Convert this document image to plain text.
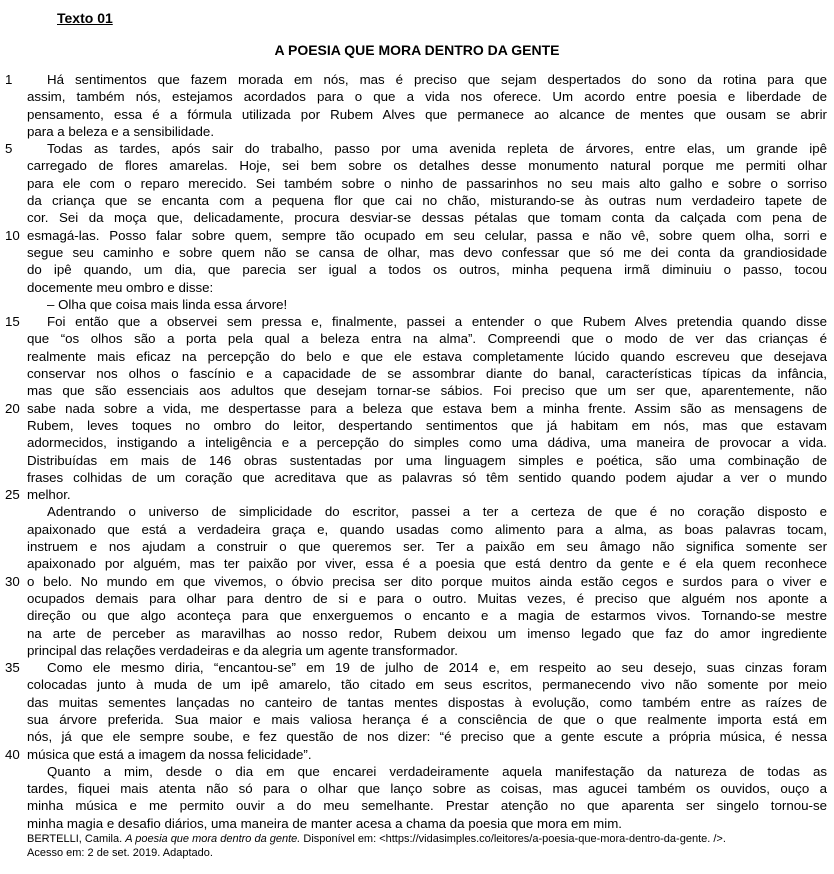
Texto 01
A POESIA QUE MORA DENTRO DA GENTE
1	Há sentimentos que fazem morada em nós, mas é preciso que sejam despertados do sono da rotina para que
assim, também nós, estejamos acordados para o que a vida nos oferece. Um acordo entre poesia e liberdade de
pensamento, essa é a fórmula utilizada por Rubem Alves que permanece ao alcance de mentes que ousam se abrir
para a beleza e a sensibilidade.
5	Todas as tardes, após sair do trabalho, passo por uma avenida repleta de árvores, entre elas, um grande ipê
carregado de flores amarelas. Hoje, sei bem sobre os detalhes desse monumento natural porque me permiti olhar
para ele com o reparo merecido. Sei também sobre o ninho de passarinhos no seu mais alto galho e sobre o sorriso
da criança que se encanta com a pequena flor que cai no chão, misturando-se às outras num verdadeiro tapete de
cor. Sei da moça que, delicadamente, procura desviar-se dessas pétalas que tomam conta da calçada com pena de
10 esmagá-las. Posso falar sobre quem, sempre tão ocupado em seu celular, passa e não vê, sobre quem olha, sorri e
segue seu caminho e sobre quem não se cansa de olhar, mas devo confessar que só me dei conta da grandiosidade
do ipê quando, um dia, que parecia ser igual a todos os outros, minha pequena irmã diminuiu o passo, tocou
docemente meu ombro e disse:
– Olha que coisa mais linda essa árvore!
15	Foi então que a observei sem pressa e, finalmente, passei a entender o que Rubem Alves pretendia quando disse
que “os olhos são a porta pela qual a beleza entra na alma”. Compreendi que o modo de ver das crianças é
realmente mais eficaz na percepção do belo e que ele estava completamente lúcido quando escreveu que desejava
conservar nos olhos o fascínio e a capacidade de se assombrar diante do banal, características típicas da infância,
mas que são essenciais aos adultos que desejam tornar-se sábios. Foi preciso que um ser que, aparentemente, não
20 sabe nada sobre a vida, me despertasse para a beleza que estava bem a minha frente. Assim são as mensagens de
Rubem, leves toques no ombro do leitor, despertando sentimentos que já habitam em nós, mas que estavam
adormecidos, instigando a inteligência e a percepção do simples como uma dádiva, uma maneira de provocar a vida.
Distribuídas em mais de 146 obras sustentadas por uma linguagem simples e poética, são uma combinação de
frases colhidas de um coração que acreditava que as palavras só têm sentido quando podem ajudar a ver o mundo
25 melhor.
Adentrando o universo de simplicidade do escritor, passei a ter a certeza de que é no coração disposto e
apaixonado que está a verdadeira graça e, quando usadas como alimento para a alma, as boas palavras tocam,
instruem e nos ajudam a construir o que queremos ser. Ter a paixão em seu âmago não significa somente ser
apaixonado por alguém, mas ter paixão por viver, essa é a poesia que está dentro da gente e é ela quem reconhece
30 o belo. No mundo em que vivemos, o óbvio precisa ser dito porque muitos ainda estão cegos e surdos para o viver e
ocupados demais para olhar para dentro de si e para o outro. Muitas vezes, é preciso que alguém nos aponte a
direção ou que algo aconteça para que enxerguemos o encanto e a magia de estarmos vivos. Tornando-se mestre
na arte de perceber as maravilhas ao nosso redor, Rubem deixou um imenso legado que faz do amor ingrediente
principal das relações verdadeiras e da alegria um agente transformador.
35	Como ele mesmo diria, “encantou-se” em 19 de julho de 2014 e, em respeito ao seu desejo, suas cinzas foram
colocadas junto à muda de um ipê amarelo, tão citado em seus escritos, permanecendo vivo não somente por meio
das muitas sementes lançadas no canteiro de tantas mentes dispostas à evolução, como também entre as raízes de
sua árvore preferida. Sua maior e mais valiosa herança é a consciência de que o que realmente importa está em
nós, já que ele sempre soube, e fez questão de nos dizer: “é preciso que a gente escute a própria música, é nessa
40 música que está a imagem da nossa felicidade”.
Quanto a mim, desde o dia em que encarei verdadeiramente aquela manifestação da natureza de todas as
tardes, fiquei mais atenta não só para o olhar que lanço sobre as coisas, mas agucei também os ouvidos, ouço a
minha música e me permito ouvir a do meu semelhante. Prestar atenção no que aparenta ser singelo tornou-se
minha magia e desafio diários, uma maneira de manter acesa a chama da poesia que mora em mim.
BERTELLI, Camila. A poesia que mora dentro da gente. Disponível em: <https://vidasimples.co/leitores/a-poesia-que-mora-dentro-da-gente. />.
Acesso em: 2 de set. 2019. Adaptado.
